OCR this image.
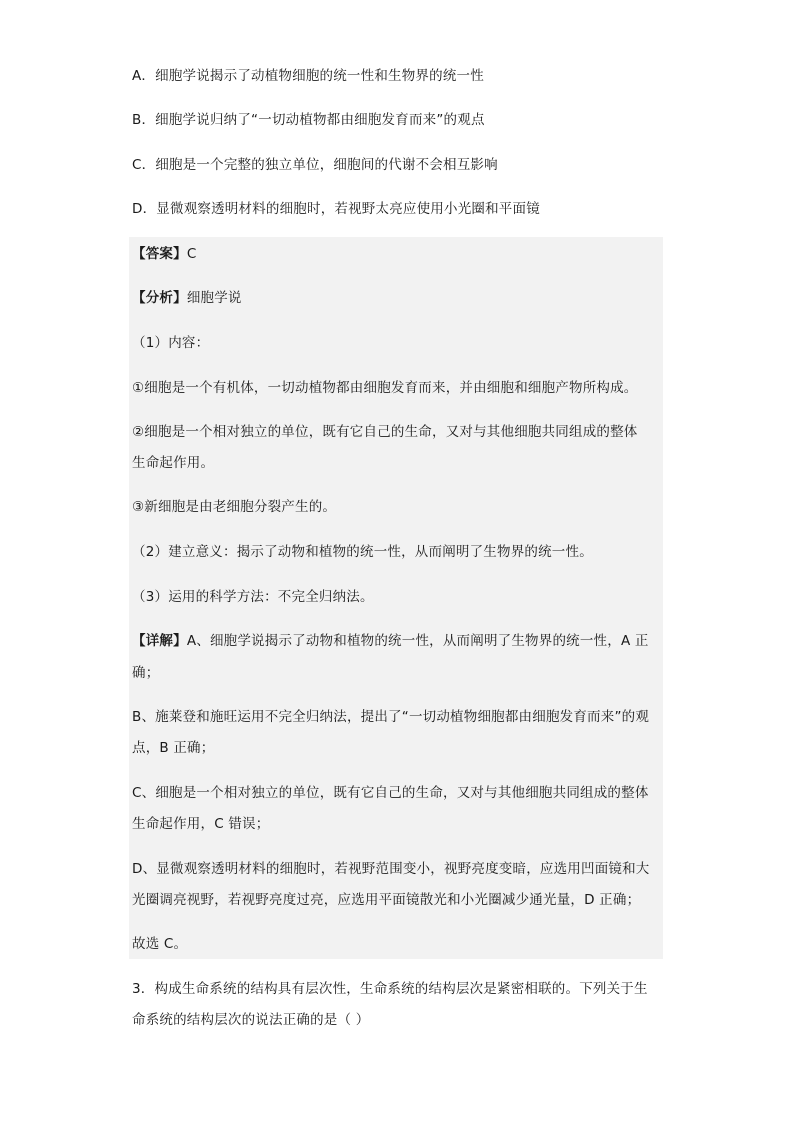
A．细胞学说揭示了动植物细胞的统一性和生物界的统一性
B．细胞学说归纳了“一切动植物都由细胞发育而来”的观点
C．细胞是一个完整的独立单位，细胞间的代谢不会相互影响
D．显微观察透明材料的细胞时，若视野太亮应使用小光圈和平面镜
【答案】C
【分析】细胞学说
（1）内容：
①细胞是一个有机体，一切动植物都由细胞发育而来，并由细胞和细胞产物所构成。
②细胞是一个相对独立的单位，既有它自己的生命，又对与其他细胞共同组成的整体
生命起作用。
③新细胞是由老细胞分裂产生的。
（2）建立意义：揭示了动物和植物的统一性，从而阐明了生物界的统一性。
（3）运用的科学方法：不完全归纳法。
【详解】A、细胞学说揭示了动物和植物的统一性，从而阐明了生物界的统一性，A 正
确；
B、施莱登和施旺运用不完全归纳法，提出了“一切动植物细胞都由细胞发育而来”的观
点，B 正确；
C、细胞是一个相对独立的单位，既有它自己的生命，又对与其他细胞共同组成的整体
生命起作用，C 错误；
D、显微观察透明材料的细胞时，若视野范围变小，视野亮度变暗，应选用凹面镜和大
光圈调亮视野，若视野亮度过亮，应选用平面镜散光和小光圈减少通光量，D 正确；
故选 C。
3．构成生命系统的结构具有层次性，生命系统的结构层次是紧密相联的。下列关于生
命系统的结构层次的说法正确的是（ ）
